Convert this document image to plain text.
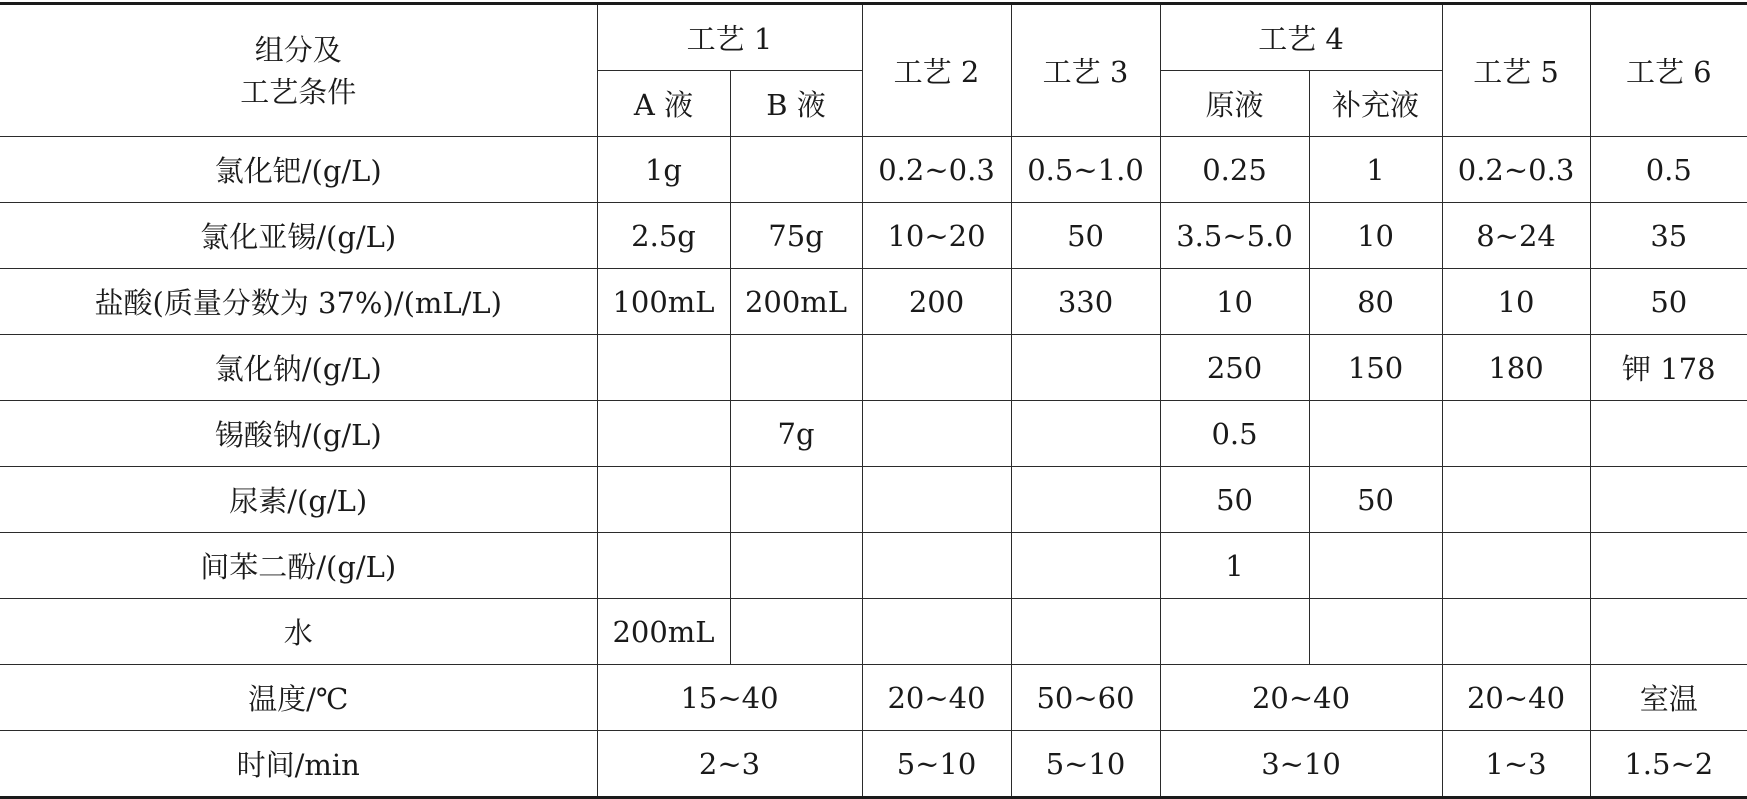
组分及
工艺条件	工艺 1		工艺 2	工艺 3	工艺 4		工艺 5	工艺 6
	A 液	B 液			原液	补充液		
氯化钯/(g/L)	1g		0.2~0.3	0.5~1.0	0.25	1	0.2~0.3	0.5
氯化亚锡/(g/L)	2.5g	75g	10~20	50	3.5~5.0	10	8~24	35
盐酸(质量分数为 37%)/(mL/L)	100mL	200mL	200	330	10	80	10	50
氯化钠/(g/L)					250	150	180	钾 178
锡酸钠/(g/L)		7g			0.5			
尿素/(g/L)					50	50		
间苯二酚/(g/L)					1			
水	200mL							
温度/℃	15~40		20~40	50~60	20~40		20~40	室温
时间/min	2~3		5~10	5~10	3~10		1~3	1.5~2
